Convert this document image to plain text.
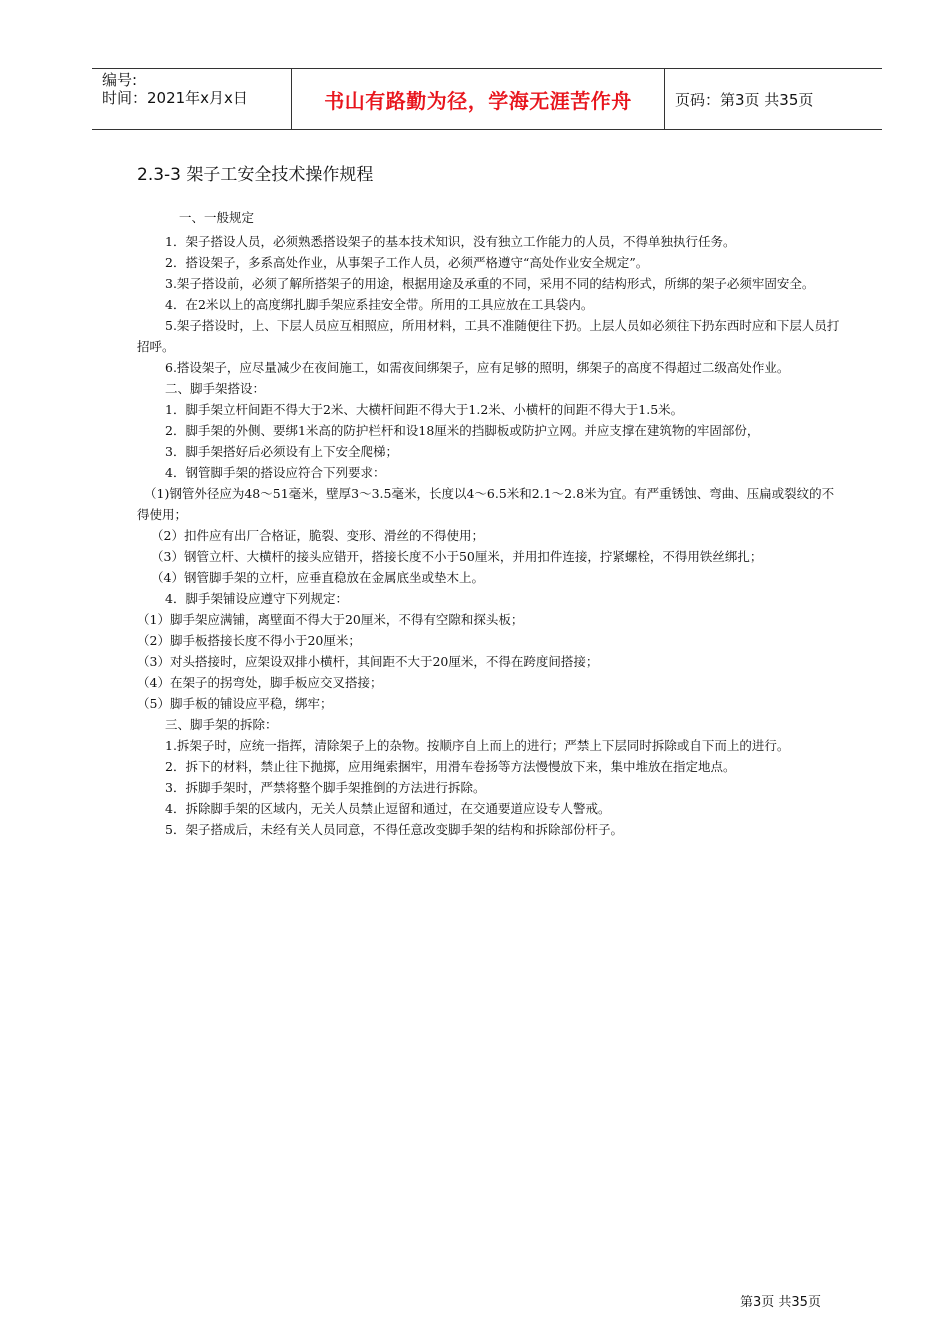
编号:
时间：2021年x月x日	书山有路勤为径，学海无涯苦作舟	页码：第3页 共35页
2.3-3 架子工安全技术操作规程

一、一般规定

1．架子搭设人员，必须熟悉搭设架子的基本技术知识，没有独立工作能力的人员，不得单独执行任务。

2．搭设架子，多系高处作业，从事架子工作人员，必须严格遵守“高处作业安全规定”。

3.架子搭设前，必须了解所搭架子的用途，根据用途及承重的不同，采用不同的结构形式，所绑的架子必须牢固安全。

4．在2米以上的高度绑扎脚手架应系挂安全带。所用的工具应放在工具袋内。

5.架子搭设时，上、下层人员应互相照应，所用材料，工具不准随便往下扔。上层人员如必须往下扔东西时应和下层人员打招呼。

6.搭设架子，应尽量减少在夜间施工，如需夜间绑架子，应有足够的照明，绑架子的高度不得超过二级高处作业。

二、脚手架搭设：

1．脚手架立杆间距不得大于2米、大横杆间距不得大于1.2米、小横杆的间距不得大于1.5米。

2．脚手架的外侧、要绑1米高的防护栏杆和设18厘米的挡脚板或防护立网。并应支撑在建筑物的牢固部份，

3．脚手架搭好后必须设有上下安全爬梯；

4．钢管脚手架的搭设应符合下列要求：

（1)钢管外径应为48～51毫米，壁厚3～3.5毫米，长度以4～6.5米和2.1～2.8米为宜。有严重锈蚀、弯曲、压扁或裂纹的不得使用；

（2）扣件应有出厂合格证，脆裂、变形、滑丝的不得使用；

（3）钢管立杆、大横杆的接头应错开，搭接长度不小于50厘米，并用扣件连接，拧紧螺栓，不得用铁丝绑扎；

（4）钢管脚手架的立杆，应垂直稳放在金属底坐或垫木上。

4．脚手架铺设应遵守下列规定：

（1）脚手架应满铺，离壁面不得大于20厘米，不得有空隙和探头板；

（2）脚手板搭接长度不得小于20厘米；

（3）对头搭接时，应架设双排小横杆，其间距不大于20厘米，不得在跨度间搭接；

（4）在架子的拐弯处，脚手板应交叉搭接；

（5）脚手板的铺设应平稳，绑牢；

三、脚手架的拆除：

1.拆架子时，应统一指挥，清除架子上的杂物。按顺序自上而上的进行；严禁上下层同时拆除或自下而上的进行。

2．拆下的材料，禁止往下抛掷，应用绳索捆牢，用滑车卷扬等方法慢慢放下来，集中堆放在指定地点。

3．拆脚手架时，严禁将整个脚手架推倒的方法进行拆除。

4．拆除脚手架的区域内，无关人员禁止逗留和通过，在交通要道应设专人警戒。

5．架子搭成后，未经有关人员同意，不得任意改变脚手架的结构和拆除部份杆子。

第3页 共35页
